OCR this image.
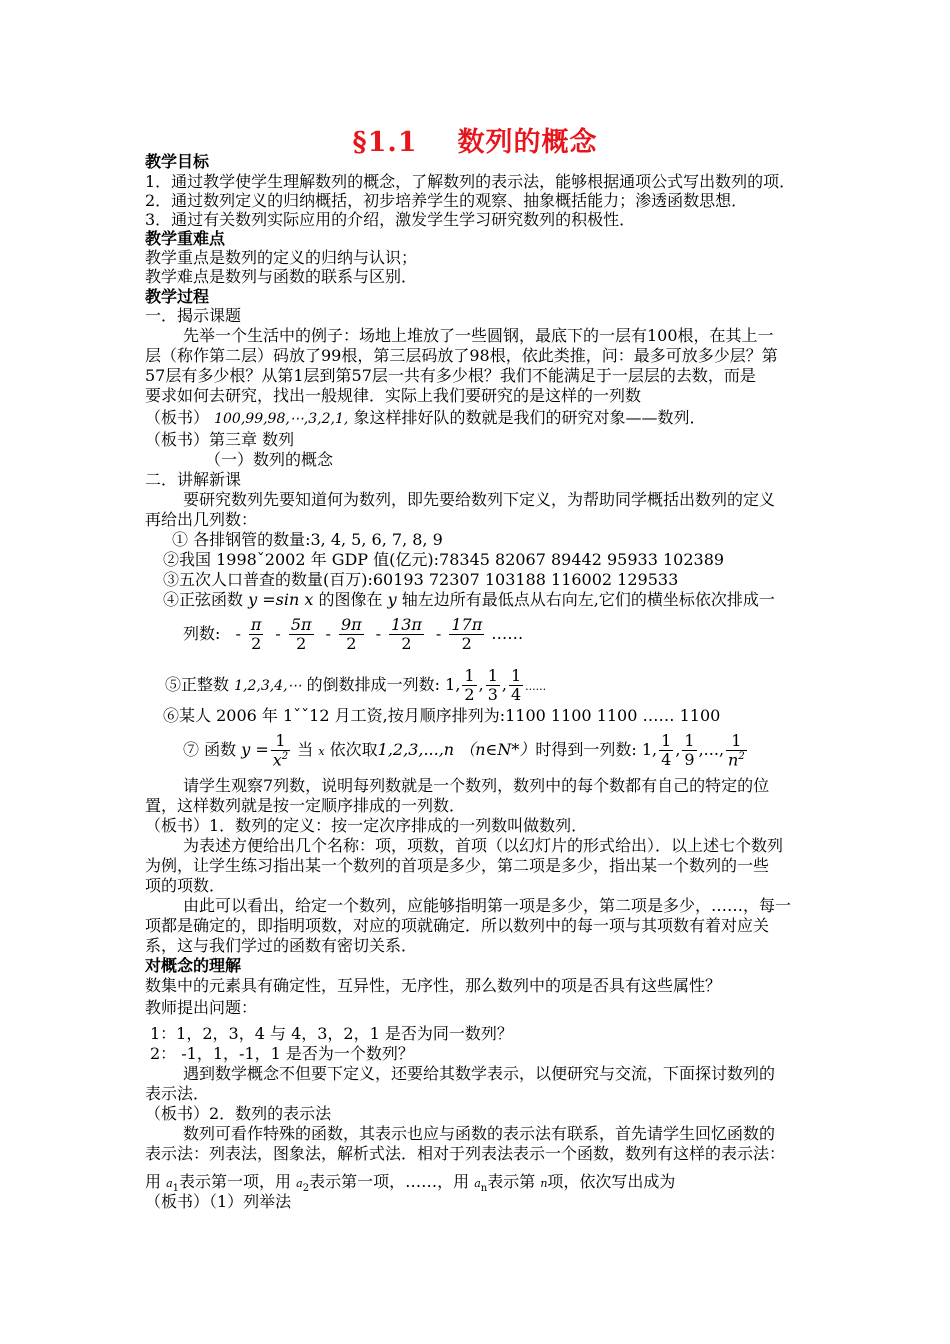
§1.1 数列的概念
教学目标
1．通过教学使学生理解数列的概念，了解数列的表示法，能够根据通项公式写出数列的项．
2．通过数列定义的归纳概括，初步培养学生的观察、抽象概括能力；渗透函数思想．
3．通过有关数列实际应用的介绍，激发学生学习研究数列的积极性．
教学重难点
教学重点是数列的定义的归纳与认识；
教学难点是数列与函数的联系与区别．
教学过程
一．揭示课题
先举一个生活中的例子：场地上堆放了一些圆钢，最底下的一层有100根，在其上一
层（称作第二层）码放了99根，第三层码放了98根，依此类推，问：最多可放多少层？第
57层有多少根？从第1层到第57层一共有多少根？我们不能满足于一层层的去数，而是
要求如何去研究，找出一般规律．实际上我们要研究的是这样的一列数
（板书） 100,99,98,⋯,3,2,1, 象这样排好队的数就是我们的研究对象——数列．
（板书）第三章 数列
（一）数列的概念
二．讲解新课
要研究数列先要知道何为数列，即先要给数列下定义，为帮助同学概括出数列的定义
再给出几列数：
① 各排钢管的数量:3, 4, 5, 6, 7, 8, 9
②我国 1998ˇ2002 年 GDP 值(亿元):78345 82067 89442 95933 102389
③五次人口普查的数量(百万):60193 72307 103188 116002 129533
④正弦函数 y =sin x 的图像在 y 轴左边所有最低点从右向左,它们的横坐标依次排成一
列数: - $\frac{\pi}{2} - \frac{5\pi}{2} - \frac{9\pi}{2} - \frac{13\pi}{2} - \frac{17\pi}{2}$ ……
⑤正整数 1,2,3,4,⋯ 的倒数排成一列数: 1, $\frac{1}{2}$ , $\frac{1}{3}$ , $\frac{1}{4}$ ......
⑥某人 2006 年 1ˇˇ12 月工资,按月顺序排列为:1100 1100 1100 …… 1100
⑦ 函数 $y = \frac{1}{x^2}$ 当 x 依次取1,2,3,...,n （n∈N*）时得到一列数: 1, $\frac{1}{4}$ , $\frac{1}{9}$ ,..., $\frac{1}{n^2}$
请学生观察7列数，说明每列数就是一个数列，数列中的每个数都有自己的特定的位
置，这样数列就是按一定顺序排成的一列数．
（板书）1．数列的定义：按一定次序排成的一列数叫做数列．
为表述方便给出几个名称：项，项数，首项（以幻灯片的形式给出）．以上述七个数列
为例，让学生练习指出某一个数列的首项是多少，第二项是多少，指出某一个数列的一些
项的项数．
由此可以看出，给定一个数列，应能够指明第一项是多少，第二项是多少，……，每一
项都是确定的，即指明项数，对应的项就确定．所以数列中的每一项与其项数有着对应关
系，这与我们学过的函数有密切关系．
对概念的理解
数集中的元素具有确定性，互异性，无序性，那么数列中的项是否具有这些属性？
教师提出问题：
1：1，2，3，4 与 4，3，2，1 是否为同一数列？
2： -1，1，-1，1 是否为一个数列？
遇到数学概念不但要下定义，还要给其数学表示，以便研究与交流，下面探讨数列的
表示法．
（板书）2．数列的表示法
数列可看作特殊的函数，其表示也应与函数的表示法有联系，首先请学生回忆函数的
表示法：列表法，图象法，解析式法．相对于列表法表示一个函数，数列有这样的表示法：
用 $a_1$表示第一项，用 $a_2$表示第一项，……，用 $a_n$表示第 n项，依次写出成为
（板书）（1）列举法
